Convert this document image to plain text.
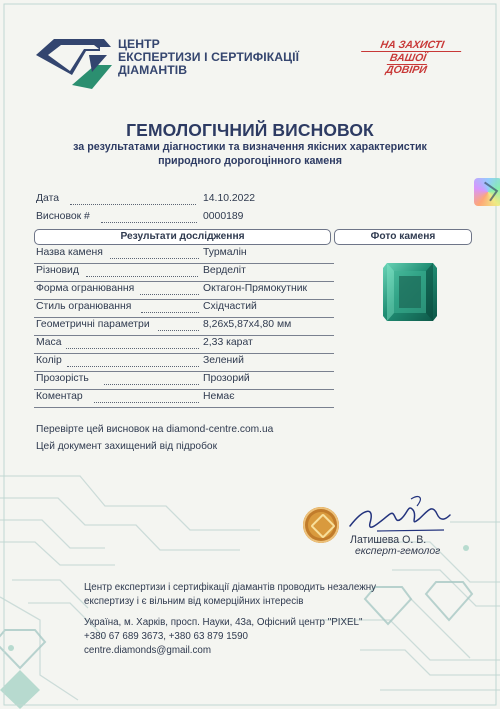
ЦЕНТР
ЕКСПЕРТИЗИ І СЕРТИФІКАЦІЇ
ДІАМАНТІВ
НА ЗАХИСТІ
ВАШОЇ
ДОВІРИ
ГЕМОЛОГІЧНИЙ ВИСНОВОК
за результатами діагностики та визначення якісних характеристик
природного дорогоцінного каменя
Дата	14.10.2022
Висновок #	0000189
Результати дослідження	Фото каменя
Назва каменя	Турмалін
Різновид	Верделіт
Форма огранювання	Октагон-Прямокутник
Стиль огранювання	Східчастий
Геометричні параметри	8,26х5,87х4,80 мм
Маса	2,33 карат
Колір	Зелений
Прозорість	Прозорий
Коментар	Немає
Перевірте цей висновок на diamond-centre.com.ua
Цей документ захищений від підробок
Латишева О. В.
експерт-гемолог
Центр експертизи і сертифікації діамантів проводить незалежну
експертизу і є вільним від комерційних інтересів
Україна, м. Харків, просп. Науки, 43а, Офісний центр "PIXEL"
+380 67 689 3673, +380 63 879 1590
centre.diamonds@gmail.com
